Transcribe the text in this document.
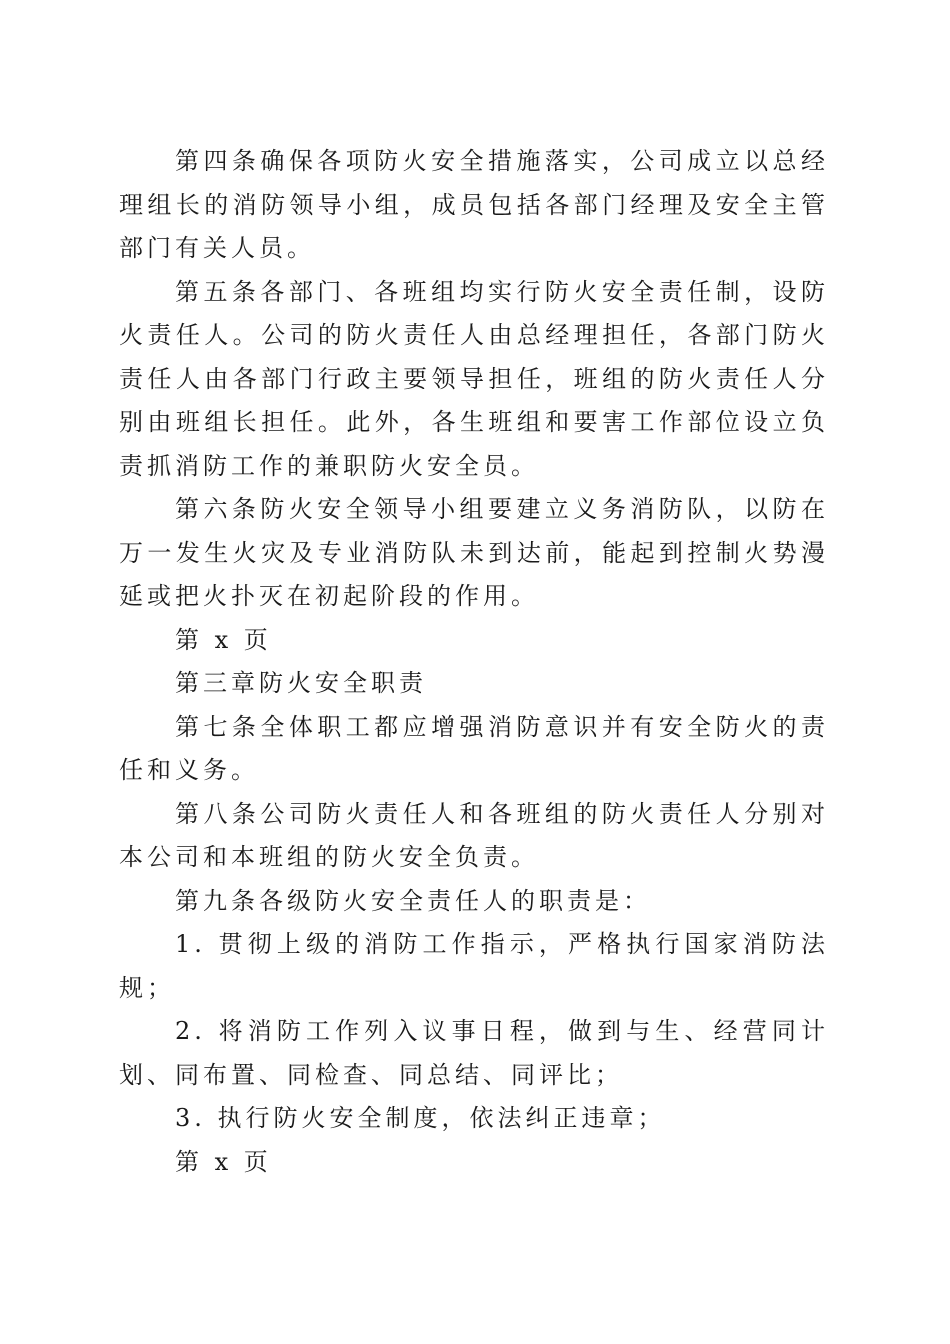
第四条确保各项防火安全措施落实，公司成立以总经理组长的消防领导小组，成员包括各部门经理及安全主管部门有关人员。

第五条各部门、各班组均实行防火安全责任制，设防火责任人。公司的防火责任人由总经理担任，各部门防火责任人由各部门行政主要领导担任，班组的防火责任人分别由班组长担任。此外，各生班组和要害工作部位设立负责抓消防工作的兼职防火安全员。

第六条防火安全领导小组要建立义务消防队，以防在万一发生火灾及专业消防队未到达前，能起到控制火势漫延或把火扑灭在初起阶段的作用。

第 x 页

第三章防火安全职责

第七条全体职工都应增强消防意识并有安全防火的责任和义务。

第八条公司防火责任人和各班组的防火责任人分别对本公司和本班组的防火安全负责。

第九条各级防火安全责任人的职责是：

1. 贯彻上级的消防工作指示，严格执行国家消防法规；

2. 将消防工作列入议事日程，做到与生、经营同计划、同布置、同检查、同总结、同评比；

3. 执行防火安全制度，依法纠正违章；

第 x 页
